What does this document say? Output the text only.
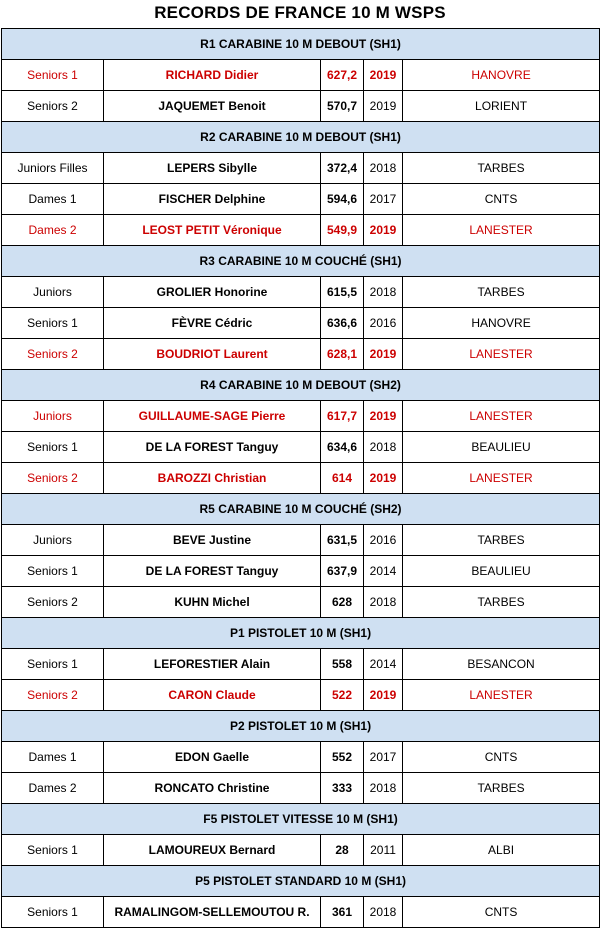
RECORDS DE FRANCE 10 M WSPS
R1 CARABINE 10 M DEBOUT (SH1)				
Seniors 1	RICHARD Didier	627,2	2019	HANOVRE
Seniors 2	JAQUEMET Benoit	570,7	2019	LORIENT
R2 CARABINE 10 M DEBOUT (SH1)				
Juniors Filles	LEPERS Sibylle	372,4	2018	TARBES
Dames 1	FISCHER Delphine	594,6	2017	CNTS
Dames 2	LEOST PETIT Véronique	549,9	2019	LANESTER
R3 CARABINE 10 M COUCHÉ (SH1)				
Juniors	GROLIER Honorine	615,5	2018	TARBES
Seniors 1	FÈVRE Cédric	636,6	2016	HANOVRE
Seniors 2	BOUDRIOT Laurent	628,1	2019	LANESTER
R4 CARABINE 10 M DEBOUT (SH2)				
Juniors	GUILLAUME-SAGE Pierre	617,7	2019	LANESTER
Seniors 1	DE LA FOREST Tanguy	634,6	2018	BEAULIEU
Seniors 2	BAROZZI Christian	614	2019	LANESTER
R5 CARABINE 10 M COUCHÉ (SH2)				
Juniors	BEVE Justine	631,5	2016	TARBES
Seniors 1	DE LA FOREST Tanguy	637,9	2014	BEAULIEU
Seniors 2	KUHN Michel	628	2018	TARBES
P1 PISTOLET 10 M (SH1)				
Seniors 1	LEFORESTIER Alain	558	2014	BESANCON
Seniors 2	CARON Claude	522	2019	LANESTER
P2 PISTOLET 10 M (SH1)				
Dames 1	EDON Gaelle	552	2017	CNTS
Dames 2	RONCATO Christine	333	2018	TARBES
F5 PISTOLET VITESSE 10 M (SH1)				
Seniors 1	LAMOUREUX Bernard	28	2011	ALBI
P5 PISTOLET STANDARD 10 M (SH1)				
Seniors 1	RAMALINGOM-SELLEMOUTOU R.	361	2018	CNTS
